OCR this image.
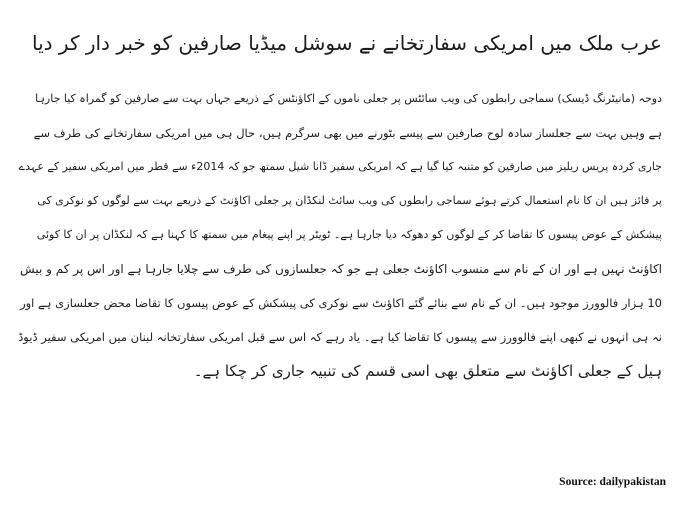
عرب ملک میں امریکی سفارتخانے نے سوشل میڈیا صارفین کو خبر دار کر دیا
دوحہ (مانیٹرنگ ڈیسک) سماجی رابطوں کی ویب سائٹس پر جعلی ناموں کے اکاؤنٹس کے ذریعے جہاں بہت سے صارفین کو گمراہ کیا جارہا
ہے وہیں بہت سے جعلساز سادہ لوح صارفین سے پیسے بٹورنے میں بھی سرگرم ہیں، حال ہی میں امریکی سفارتخانے کی طرف سے
جاری کردہ پریس ریلیز میں صارفین کو متنبہ کیا گیا ہے کہ امریکی سفیر ڈانا شیل سمتھ جو کہ 2014ء سے قطر میں امریکی سفیر کے عہدے
پر فائز ہیں ان کا نام استعمال کرتے ہوئے سماجی رابطوں کی ویب سائٹ لنکڈان پر جعلی اکاؤنٹ کے ذریعے بہت سے لوگوں کو نوکری کی
پیشکش کے عوض پیسوں کا تقاضا کر کے لوگوں کو دھوکہ دیا جارہا ہے۔ ٹویٹر پر اپنے پیغام میں سمتھ کا کہنا ہے کہ لنکڈان پر ان کا کوئی
اکاؤنٹ نہیں ہے اور ان کے نام سے منسوب اکاؤنٹ جعلی ہے جو کہ جعلسازوں کی طرف سے چلایا جارہا ہے اور اس پر کم و بیش
10 ہزار فالوورز موجود ہیں۔ ان کے نام سے بنائے گئے اکاؤنٹ سے نوکری کی پیشکش کے عوض پیسوں کا تقاضا محض جعلسازی ہے اور
نہ ہی انہوں نے کبھی اپنے فالوورز سے پیسوں کا تقاضا کیا ہے۔ یاد رہے کہ اس سے قبل امریکی سفارتخانہ لبنان میں امریکی سفیر ڈیوڈ
ہیل کے جعلی اکاؤنٹ سے متعلق بھی اسی قسم کی تنبیہ جاری کر چکا ہے۔
Source: dailypakistan
